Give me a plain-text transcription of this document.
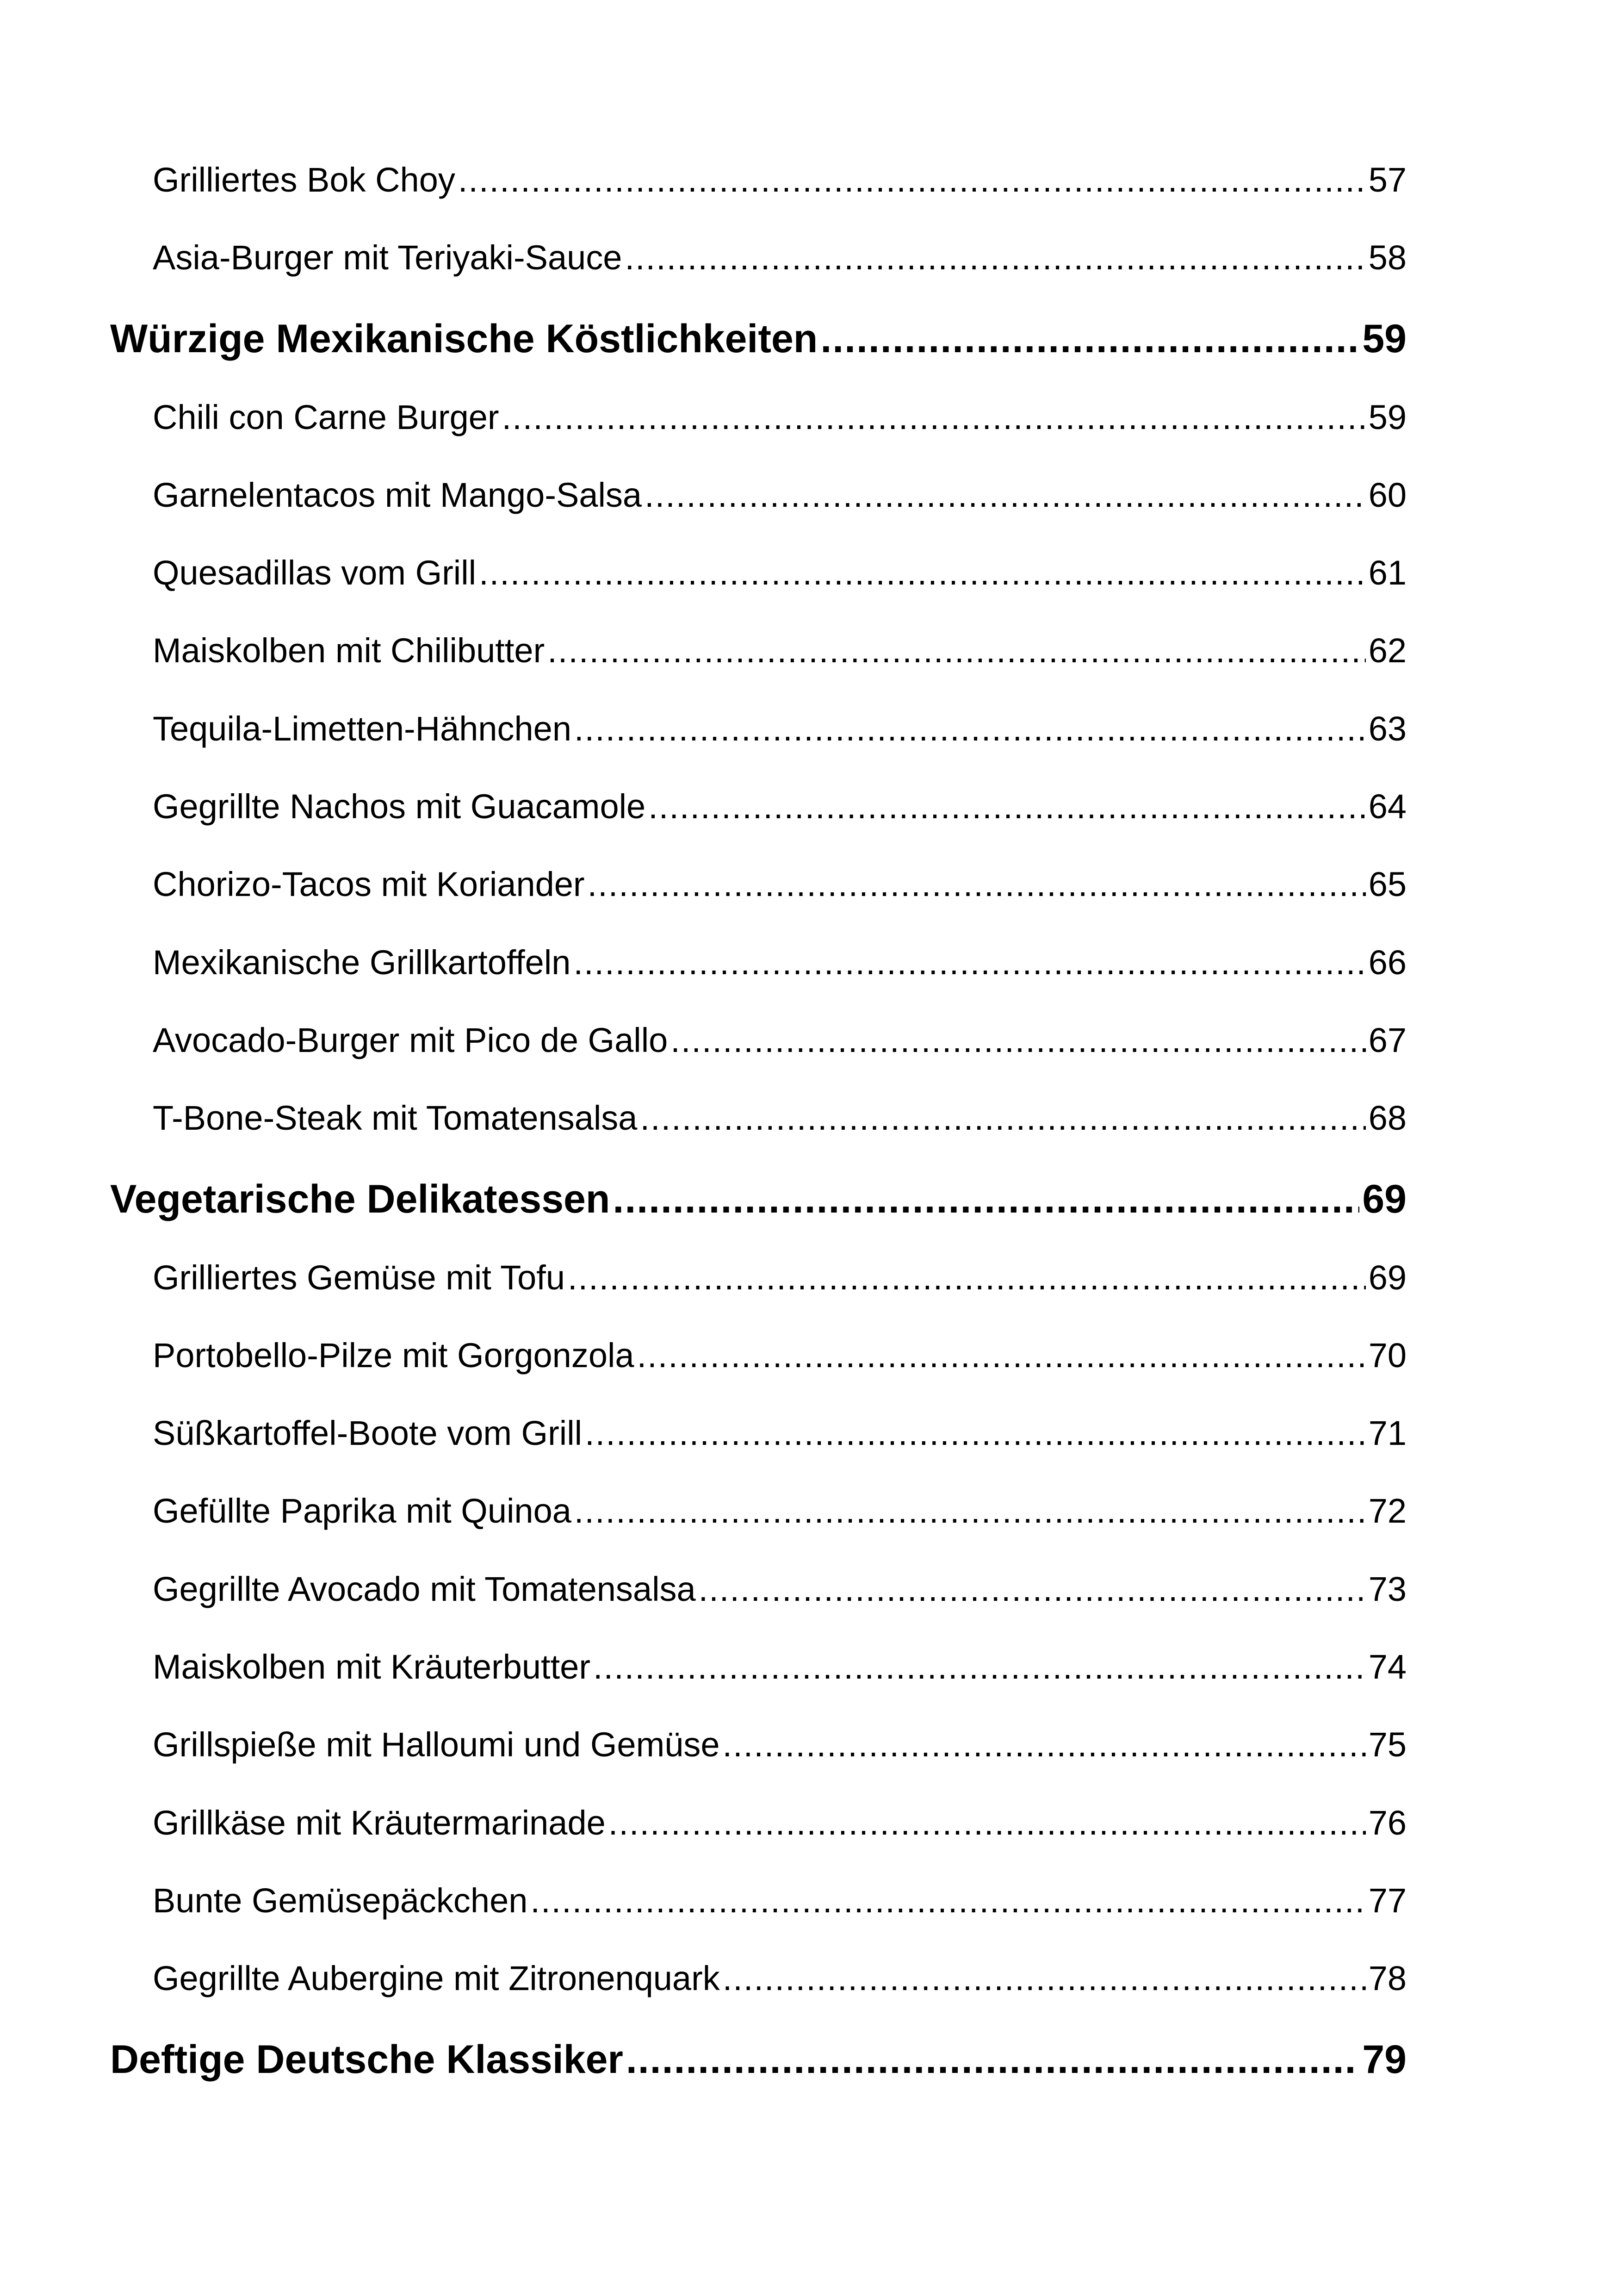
Grilliertes Bok Choy .....	57
Asia-Burger mit Teriyaki-Sauce .....	58
Würzige Mexikanische Köstlichkeiten .....	59
Chili con Carne Burger .....	59
Garnelentacos mit Mango-Salsa .....	60
Quesadillas vom Grill .....	61
Maiskolben mit Chilibutter .....	62
Tequila-Limetten-Hähnchen .....	63
Gegrillte Nachos mit Guacamole .....	64
Chorizo-Tacos mit Koriander .....	65
Mexikanische Grillkartoffeln .....	66
Avocado-Burger mit Pico de Gallo .....	67
T-Bone-Steak mit Tomatensalsa .....	68
Vegetarische Delikatessen .....	69
Grilliertes Gemüse mit Tofu .....	69
Portobello-Pilze mit Gorgonzola .....	70
Süßkartoffel-Boote vom Grill .....	71
Gefüllte Paprika mit Quinoa .....	72
Gegrillte Avocado mit Tomatensalsa .....	73
Maiskolben mit Kräuterbutter .....	74
Grillspieße mit Halloumi und Gemüse .....	75
Grillkäse mit Kräutermarinade .....	76
Bunte Gemüsepäckchen .....	77
Gegrillte Aubergine mit Zitronenquark .....	78
Deftige Deutsche Klassiker .....	79
